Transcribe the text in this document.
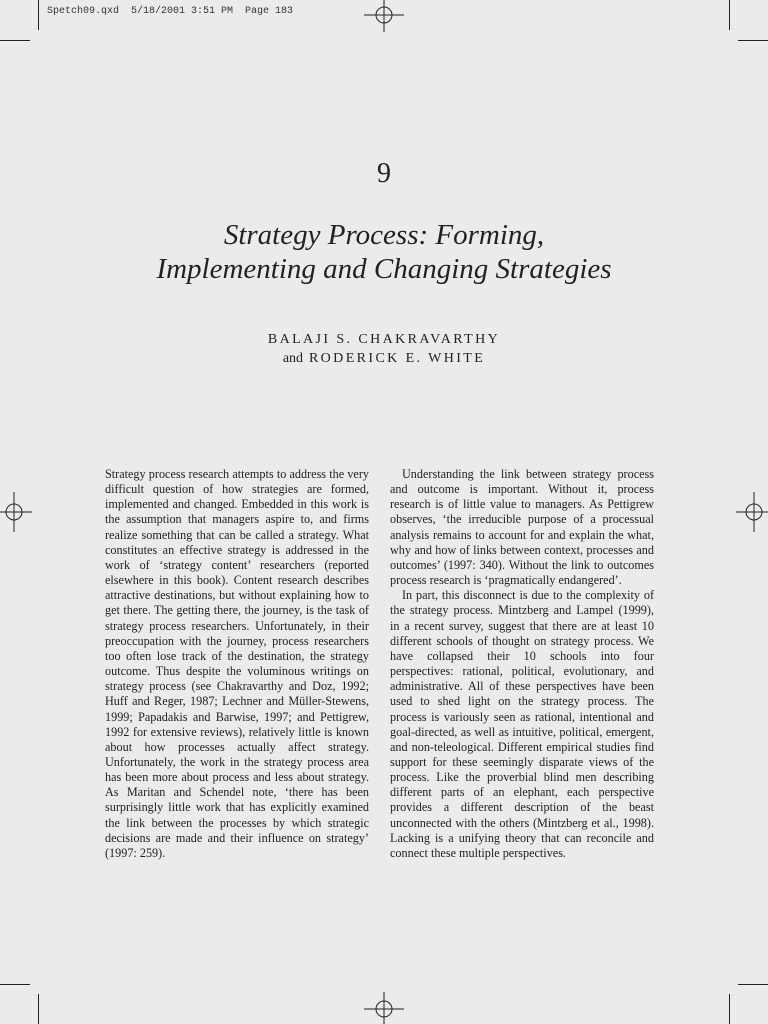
Spetch09.qxd  5/18/2001 3:51 PM  Page 183
9
Strategy Process: Forming,
Implementing and Changing Strategies
BALAJI S. CHAKRAVARTHY
and RODERICK E. WHITE

Strategy process research attempts to address the very difficult question of how strategies are formed, implemented and changed. Embedded in this work is the assumption that managers aspire to, and firms realize something that can be called a strategy. What constitutes an effective strategy is addressed in the work of ‘strategy content’ researchers (reported elsewhere in this book). Content research describes attractive destinations, but without explaining how to get there. The getting there, the journey, is the task of strategy process researchers. Unfortunately, in their preoccupation with the journey, process researchers too often lose track of the destination, the strategy outcome. Thus despite the voluminous writings on strategy process (see Chakravarthy and Doz, 1992; Huff and Reger, 1987; Lechner and Müller-Stewens, 1999; Papadakis and Barwise, 1997; and Pettigrew, 1992 for extensive reviews), relatively little is known about how processes actually affect strategy. Unfortunately, the work in the strategy process area has been more about process and less about strategy. As Maritan and Schendel note, ‘there has been surprisingly little work that has explicitly examined the link between the processes by which strategic decisions are made and their influence on strategy’ (1997: 259).

Understanding the link between strategy process and outcome is important. Without it, process research is of little value to managers. As Pettigrew observes, ‘the irreducible purpose of a processual analysis remains to account for and explain the what, why and how of links between context, processes and outcomes’ (1997: 340). Without the link to outcomes process research is ‘pragmatically endangered’.

In part, this disconnect is due to the complexity of the strategy process. Mintzberg and Lampel (1999), in a recent survey, suggest that there are at least 10 different schools of thought on strategy process. We have collapsed their 10 schools into four perspectives: rational, political, evolutionary, and administrative. All of these perspectives have been used to shed light on the strategy process. The process is variously seen as rational, intentional and goal-directed, as well as intuitive, political, emergent, and non-teleological. Different empirical studies find support for these seemingly disparate views of the process. Like the proverbial blind men describing different parts of an elephant, each perspective provides a different description of the beast unconnected with the others (Mintzberg et al., 1998). Lacking is a unifying theory that can reconcile and connect these multiple perspectives.
